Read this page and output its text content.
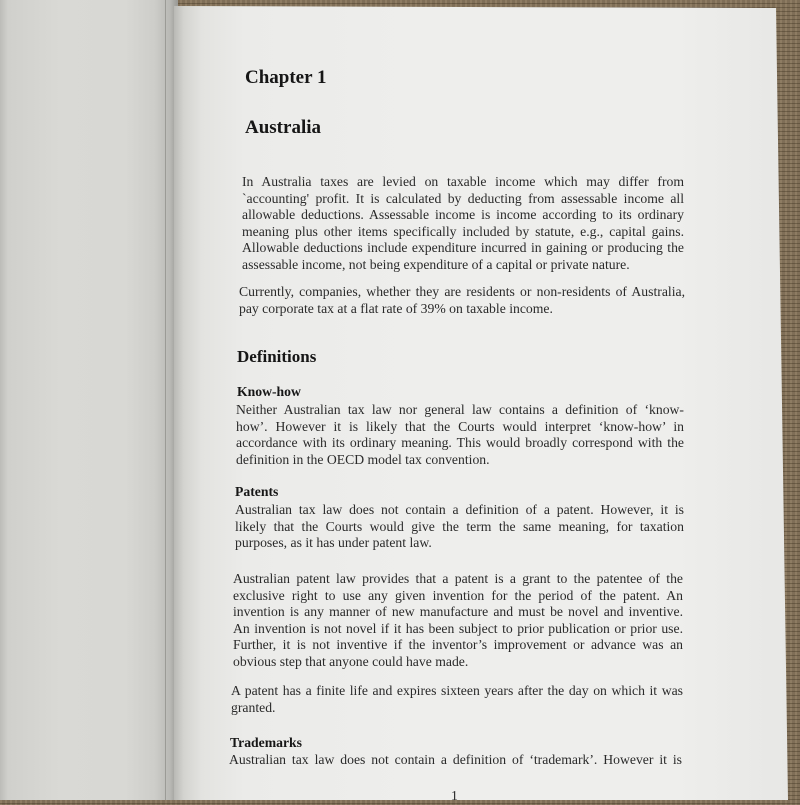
Chapter 1
Australia
In Australia taxes are levied on taxable income which may differ from
`accounting' profit. It is calculated by deducting from assessable income all
allowable deductions. Assessable income is income according to its ordinary
meaning plus other items specifically included by statute, e.g., capital gains.
Allowable deductions include expenditure incurred in gaining or producing the
assessable income, not being expenditure of a capital or private nature.
Currently, companies, whether they are residents or non-residents of Australia,
pay corporate tax at a flat rate of 39% on taxable income.
Definitions
Know-how
Neither Australian tax law nor general law contains a definition of ‘know-
how’. However it is likely that the Courts would interpret ‘know-how’ in
accordance with its ordinary meaning. This would broadly correspond with the
definition in the OECD model tax convention.
Patents
Australian tax law does not contain a definition of a patent. However, it is
likely that the Courts would give the term the same meaning, for taxation
purposes, as it has under patent law.
Australian patent law provides that a patent is a grant to the patentee of the
exclusive right to use any given invention for the period of the patent. An
invention is any manner of new manufacture and must be novel and inventive.
An invention is not novel if it has been subject to prior publication or prior use.
Further, it is not inventive if the inventor’s improvement or advance was an
obvious step that anyone could have made.
A patent has a finite life and expires sixteen years after the day on which it was
granted.
Trademarks
Australian tax law does not contain a definition of ‘trademark’. However it is
1
